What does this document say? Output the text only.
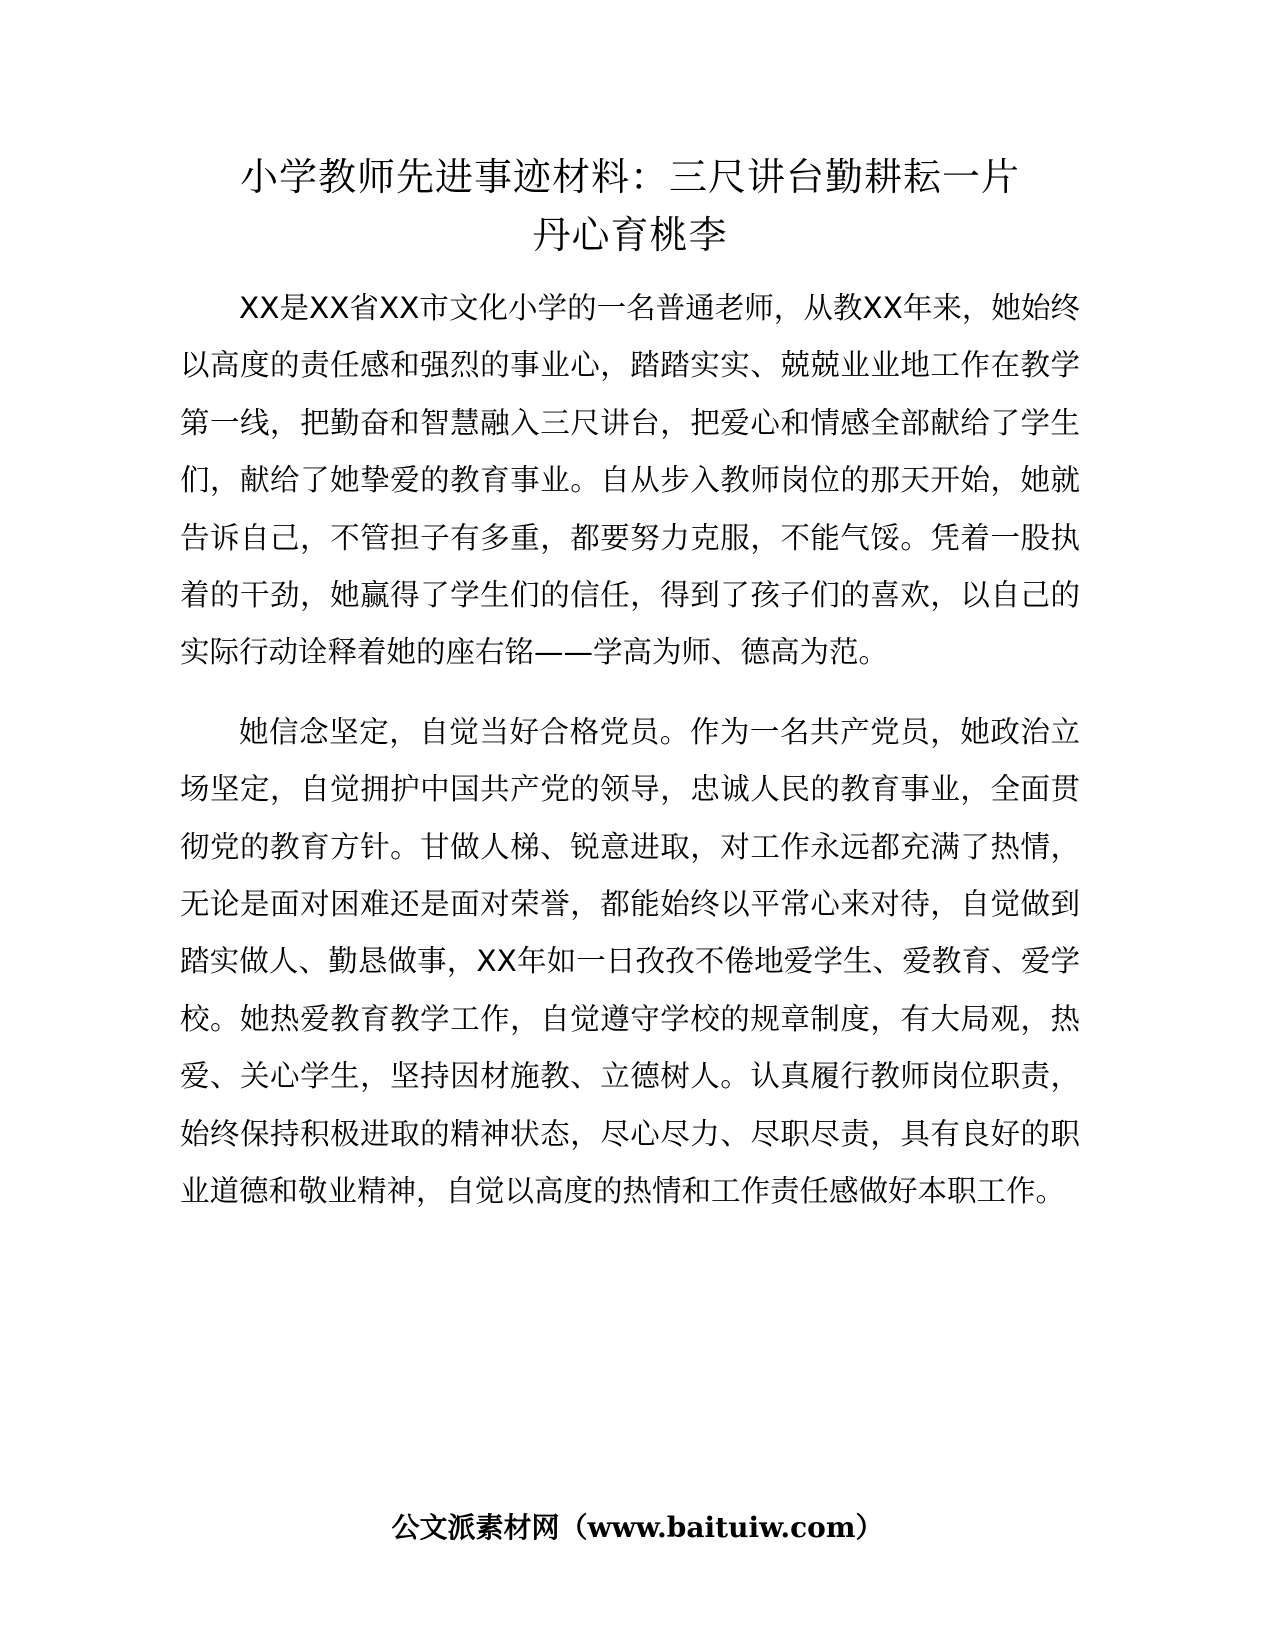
小学教师先进事迹材料：三尺讲台勤耕耘一片
丹心育桃李

XX是XX省XX市文化小学的一名普通老师，从教XX年来，她始终以高度的责任感和强烈的事业心，踏踏实实、兢兢业业地工作在教学第一线，把勤奋和智慧融入三尺讲台，把爱心和情感全部献给了学生们，献给了她挚爱的教育事业。自从步入教师岗位的那天开始，她就告诉自己，不管担子有多重，都要努力克服，不能气馁。凭着一股执着的干劲，她赢得了学生们的信任，得到了孩子们的喜欢，以自己的实际行动诠释着她的座右铭——学高为师、德高为范。

她信念坚定，自觉当好合格党员。作为一名共产党员，她政治立场坚定，自觉拥护中国共产党的领导，忠诚人民的教育事业，全面贯彻党的教育方针。甘做人梯、锐意进取，对工作永远都充满了热情，无论是面对困难还是面对荣誉，都能始终以平常心来对待，自觉做到踏实做人、勤恳做事，XX年如一日孜孜不倦地爱学生、爱教育、爱学校。她热爱教育教学工作，自觉遵守学校的规章制度，有大局观，热爱、关心学生，坚持因材施教、立德树人。认真履行教师岗位职责，始终保持积极进取的精神状态，尽心尽力、尽职尽责，具有良好的职业道德和敬业精神，自觉以高度的热情和工作责任感做好本职工作。

公文派素材网（www.baituiw.com）
